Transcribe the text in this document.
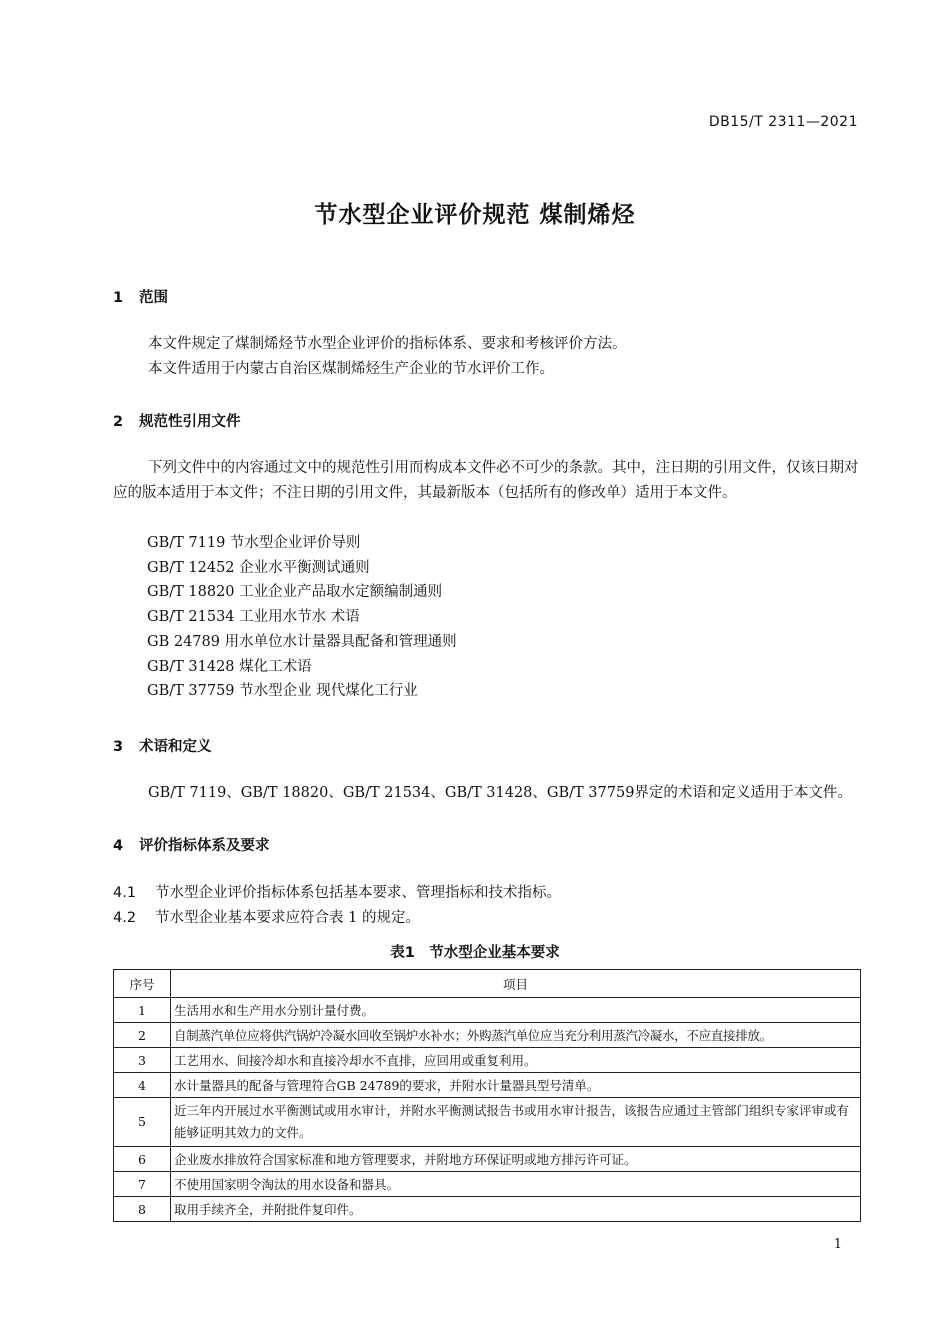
DB15/T 2311—2021
节水型企业评价规范 煤制烯烃
1 范围
本文件规定了煤制烯烃节水型企业评价的指标体系、要求和考核评价方法。
本文件适用于内蒙古自治区煤制烯烃生产企业的节水评价工作。
2 规范性引用文件
下列文件中的内容通过文中的规范性引用而构成本文件必不可少的条款。其中，注日期的引用文件，仅该日期对应的版本适用于本文件；不注日期的引用文件，其最新版本（包括所有的修改单）适用于本文件。
GB/T 7119 节水型企业评价导则
GB/T 12452 企业水平衡测试通则
GB/T 18820 工业企业产品取水定额编制通则
GB/T 21534 工业用水节水 术语
GB 24789 用水单位水计量器具配备和管理通则
GB/T 31428 煤化工术语
GB/T 37759 节水型企业 现代煤化工行业
3 术语和定义
GB/T 7119、GB/T 18820、GB/T 21534、GB/T 31428、GB/T 37759界定的术语和定义适用于本文件。
4 评价指标体系及要求
4.1 节水型企业评价指标体系包括基本要求、管理指标和技术指标。
4.2 节水型企业基本要求应符合表 1 的规定。
表1　节水型企业基本要求
序号	项目
1	生活用水和生产用水分别计量付费。
2	自制蒸汽单位应将供汽锅炉冷凝水回收至锅炉水补水；外购蒸汽单位应当充分利用蒸汽冷凝水，不应直接排放。
3	工艺用水、间接冷却水和直接冷却水不直排，应回用或重复利用。
4	水计量器具的配备与管理符合GB 24789的要求，并附水计量器具型号清单。
5	近三年内开展过水平衡测试或用水审计，并附水平衡测试报告书或用水审计报告，该报告应通过主管部门组织专家评审或有能够证明其效力的文件。
6	企业废水排放符合国家标准和地方管理要求，并附地方环保证明或地方排污许可证。
7	不使用国家明令淘汰的用水设备和器具。
8	取用手续齐全，并附批件复印件。
1
